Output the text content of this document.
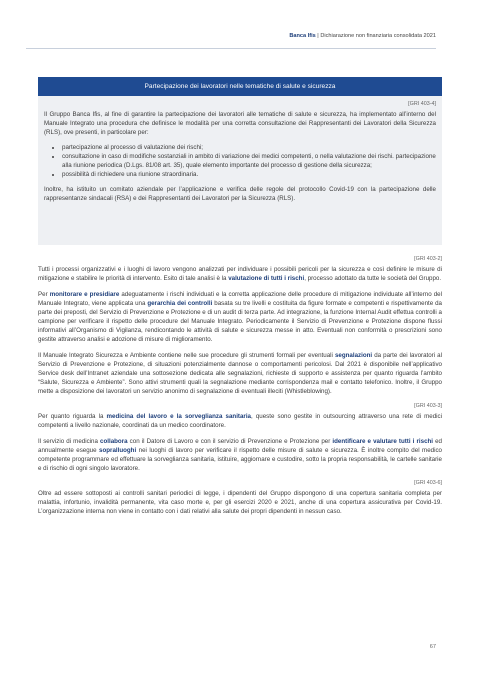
Banca Ifis | Dichiarazione non finanziaria consolidata 2021
Partecipazione dei lavoratori nelle tematiche di salute e sicurezza
[GRI 403-4]

Il Gruppo Banca Ifis, al fine di garantire la partecipazione dei lavoratori alle tematiche di salute e sicurezza, ha implementato all’interno del Manuale Integrato una procedura che definisce le modalità per una corretta consultazione dei Rappresentanti dei Lavoratori della Sicurezza (RLS), ove presenti, in particolare per:

• partecipazione al processo di valutazione dei rischi;
• consultazione in caso di modifiche sostanziali in ambito di variazione dei medici competenti, o nella valutazione dei rischi. partecipazione alla riunione periodica (D.Lgs. 81/08 art. 35), quale elemento importante del processo di gestione della sicurezza;
• possibilità di richiedere una riunione straordinaria.

Inoltre, ha istituito un comitato aziendale per l’applicazione e verifica delle regole del protocollo Covid-19 con la partecipazione delle rappresentanze sindacali (RSA) e dei Rappresentanti dei Lavoratori per la Sicurezza (RLS).

[GRI 403-2]

Tutti i processi organizzativi e i luoghi di lavoro vengono analizzati per individuare i possibili pericoli per la sicurezza e così definire le misure di mitigazione e stabilire le priorità di intervento. Esito di tale analisi è la valutazione di tutti i rischi, processo adottato da tutte le società del Gruppo.

Per monitorare e presidiare adeguatamente i rischi individuati e la corretta applicazione delle procedure di mitigazione individuate all’interno del Manuale Integrato, viene applicata una gerarchia dei controlli basata su tre livelli e costituita da figure formate e competenti e rispettivamente da parte dei preposti, del Servizio di Prevenzione e Protezione e di un audit di terza parte. Ad integrazione, la funzione Internal Audit effettua controlli a campione per verificare il rispetto delle procedure del Manuale Integrato. Periodicamente il Servizio di Prevenzione e Protezione dispone flussi informativi all’Organismo di Vigilanza, rendicontando le attività di salute e sicurezza messe in atto. Eventuali non conformità o prescrizioni sono gestite attraverso analisi e adozione di misure di miglioramento.

Il Manuale Integrato Sicurezza e Ambiente contiene nelle sue procedure gli strumenti formali per eventuali segnalazioni da parte dei lavoratori al Servizio di Prevenzione e Protezione, di situazioni potenzialmente dannose o comportamenti pericolosi. Dal 2021 è disponibile nell’applicativo Service desk dell’Intranet aziendale una sottosezione dedicata alle segnalazioni, richieste di supporto e assistenza per quanto riguarda l’ambito “Salute, Sicurezza e Ambiente”. Sono attivi strumenti quali la segnalazione mediante corrispondenza mail e contatto telefonico. Inoltre, il Gruppo mette a disposizione dei lavoratori un servizio anonimo di segnalazione di eventuali illeciti (Whistleblowing).

[GRI 403-3]

Per quanto riguarda la medicina del lavoro e la sorveglianza sanitaria, queste sono gestite in outsourcing attraverso una rete di medici competenti a livello nazionale, coordinati da un medico coordinatore.

Il servizio di medicina collabora con il Datore di Lavoro e con il servizio di Prevenzione e Protezione per identificare e valutare tutti i rischi ed annualmente esegue sopralluoghi nei luoghi di lavoro per verificare il rispetto delle misure di salute e sicurezza. È inoltre compito del medico competente programmare ed effettuare la sorveglianza sanitaria, istituire, aggiornare e custodire, sotto la propria responsabilità, le cartelle sanitarie e di rischio di ogni singolo lavoratore.

[GRI 403-6]

Oltre ad essere sottoposti ai controlli sanitari periodici di legge, i dipendenti del Gruppo dispongono di una copertura sanitaria completa per malattia, infortunio, invalidità permanente, vita caso morte e, per gli esercizi 2020 e 2021, anche di una copertura assicurativa per Covid-19. L’organizzazione interna non viene in contatto con i dati relativi alla salute dei propri dipendenti in nessun caso.

67
